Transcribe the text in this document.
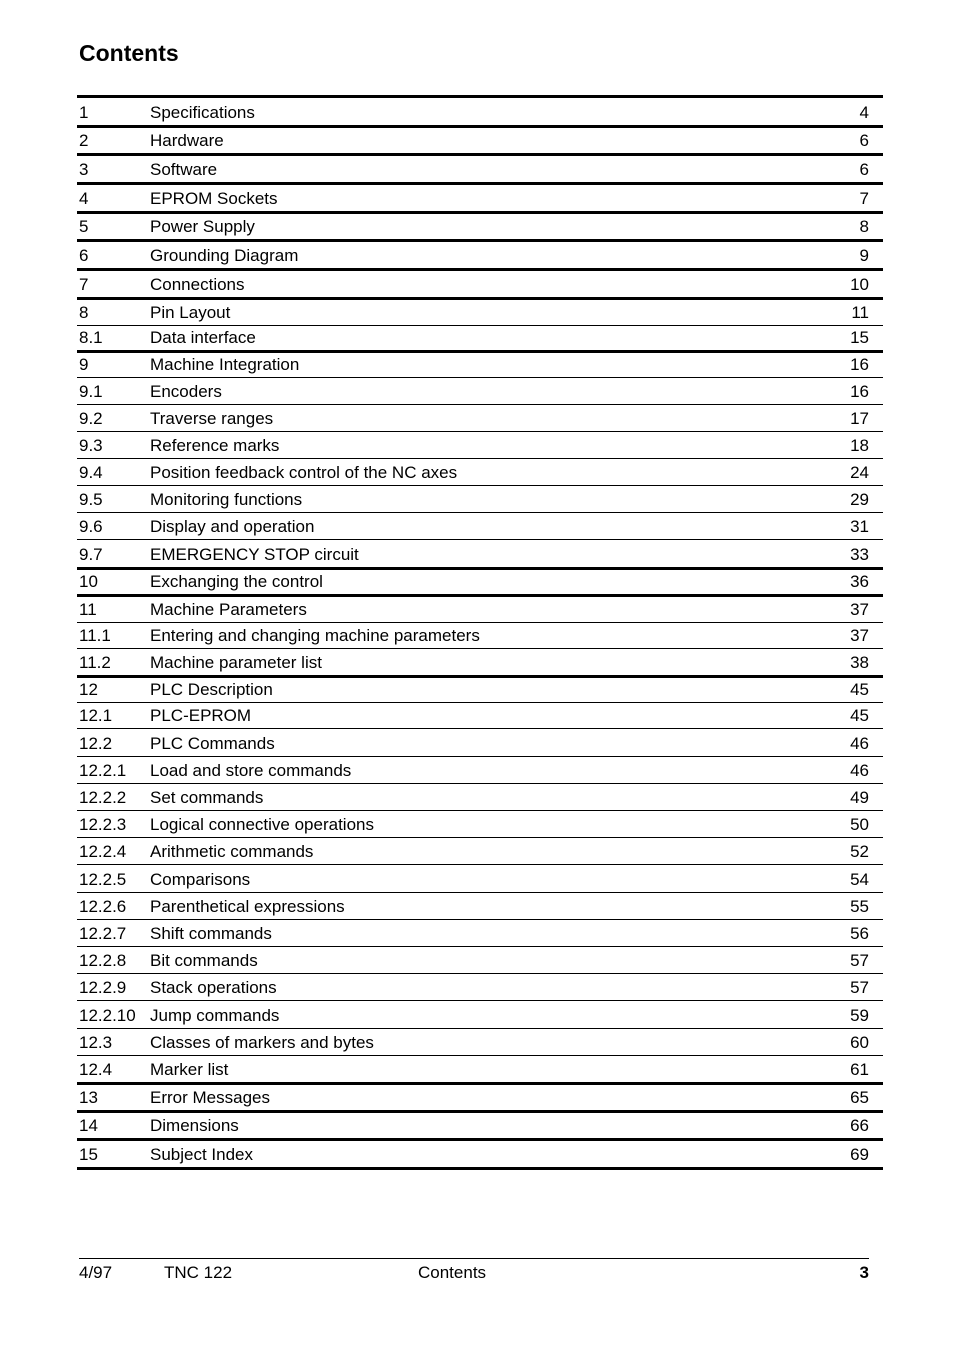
Contents
1	Specifications	4
2	Hardware	6
3	Software	6
4	EPROM Sockets	7
5	Power Supply	8
6	Grounding Diagram	9
7	Connections	10
8	Pin Layout	11
8.1	Data interface	15
9	Machine Integration	16
9.1	Encoders	16
9.2	Traverse ranges	17
9.3	Reference marks	18
9.4	Position feedback control of the NC axes	24
9.5	Monitoring functions	29
9.6	Display and operation	31
9.7	EMERGENCY STOP circuit	33
10	Exchanging the control	36
11	Machine Parameters	37
11.1 Entering and changing machine parameters	37
11.2 Machine parameter list	38
12	PLC Description	45
12.1 PLC-EPROM	45
12.2 PLC Commands	46
12.2.1 Load and store commands	46
12.2.2 Set commands	49
12.2.3 Logical connective operations	50
12.2.4 Arithmetic commands	52
12.2.5 Comparisons	54
12.2.6 Parenthetical expressions	55
12.2.7 Shift commands	56
12.2.8 Bit commands	57
12.2.9 Stack operations	57
12.2.10 Jump commands	59
12.3 Classes of markers and bytes	60
12.4 Marker list	61
13	Error Messages	65
14	Dimensions	66
15	Subject Index	69
4/97	TNC 122	Contents	3
